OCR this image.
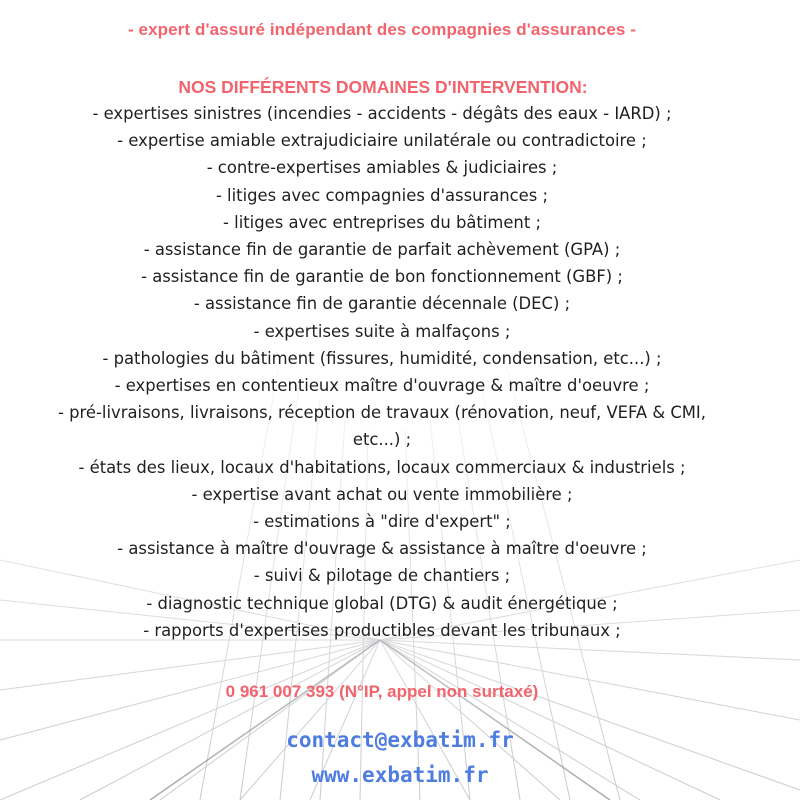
- expert d'assuré indépendant des compagnies d'assurances -
NOS DIFFÉRENTS DOMAINES D'INTERVENTION:
- expertises sinistres (incendies - accidents - dégâts des eaux - IARD) ;
- expertise amiable extrajudiciaire unilatérale ou contradictoire ;
- contre-expertises amiables & judiciaires ;
- litiges avec compagnies d'assurances ;
- litiges avec entreprises du bâtiment ;
- assistance fin de garantie de parfait achèvement (GPA) ;
- assistance fin de garantie de bon fonctionnement (GBF) ;
- assistance fin de garantie décennale (DEC) ;
- expertises suite à malfaçons ;
- pathologies du bâtiment (fissures, humidité, condensation, etc...) ;
- expertises en contentieux maître d'ouvrage & maître d'oeuvre ;
- pré-livraisons, livraisons, réception de travaux (rénovation, neuf, VEFA & CMI, etc...) ;
- états des lieux, locaux d'habitations, locaux commerciaux & industriels ;
- expertise avant achat ou vente immobilière ;
- estimations à "dire d'expert" ;
- assistance à maître d'ouvrage & assistance à maître d'oeuvre ;
- suivi & pilotage de chantiers ;
- diagnostic technique global (DTG) & audit énergétique ;
- rapports d'expertises productibles devant les tribunaux ;
0 961 007 393 (N°IP, appel non surtaxé)
contact@exbatim.fr
www.exbatim.fr
